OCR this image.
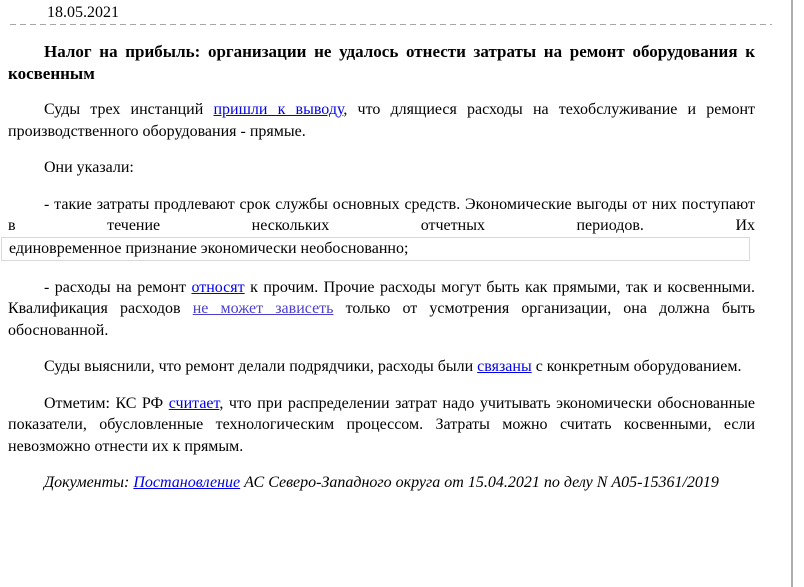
18.05.2021
Налог на прибыль: организации не удалось отнести затраты на ремонт оборудования к косвенным

Суды трех инстанций пришли к выводу, что длящиеся расходы на техобслуживание и ремонт производственного оборудования - прямые.

Они указали:

- такие затраты продлевают срок службы основных средств. Экономические выгоды от них поступают в течение нескольких отчетных периодов. Их

единовременное признание экономически необоснованно;

- расходы на ремонт относят к прочим. Прочие расходы могут быть как прямыми, так и косвенными. Квалификация расходов не может зависеть только от усмотрения организации, она должна быть обоснованной.

Суды выяснили, что ремонт делали подрядчики, расходы были связаны с конкретным оборудованием.

Отметим: КС РФ считает, что при распределении затрат надо учитывать экономически обоснованные показатели, обусловленные технологическим процессом. Затраты можно считать косвенными, если невозможно отнести их к прямым.

Документы: Постановление АС Северо-Западного округа от 15.04.2021 по делу N А05-15361/2019
